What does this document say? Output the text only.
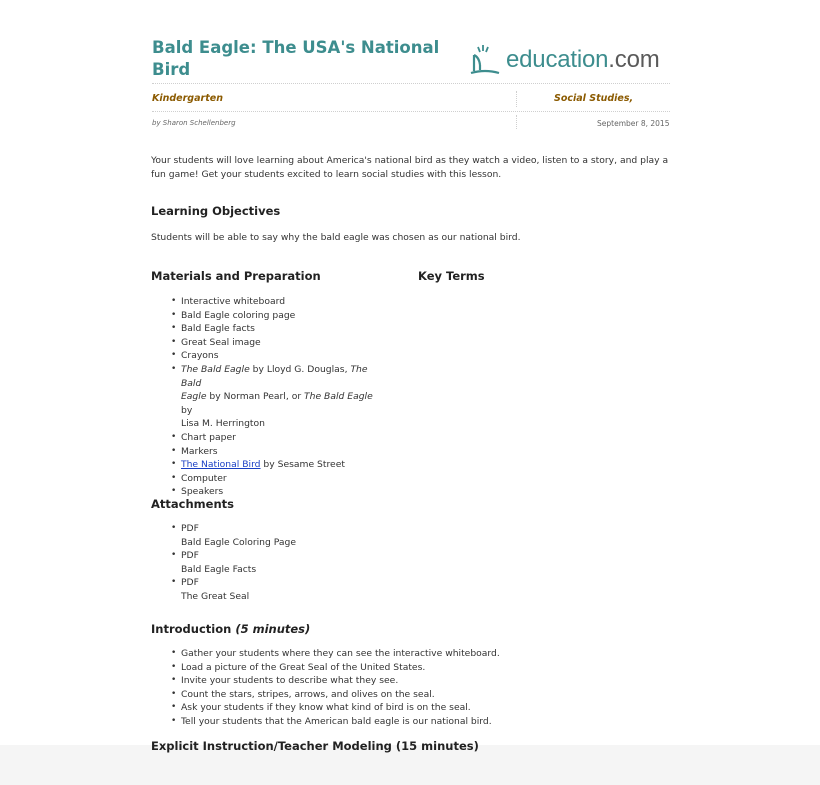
Bald Eagle: The USA's National Bird	education.com
Kindergarten	Social Studies,
by Sharon Schellenberg	September 8, 2015
Your students will love learning about America's national bird as they watch a video, listen to a story, and play a fun game! Get your students excited to learn social studies with this lesson.
Learning Objectives
Students will be able to say why the bald eagle was chosen as our national bird.
Materials and Preparation	Key Terms
• Interactive whiteboard
• Bald Eagle coloring page
• Bald Eagle facts
• Great Seal image
• Crayons
• The Bald Eagle by Lloyd G. Douglas, The Bald
Eagle by Norman Pearl, or The Bald Eagle by
Lisa M. Herrington
• Chart paper
• Markers
• The National Bird by Sesame Street
• Computer
• Speakers
Attachments
• PDF
Bald Eagle Coloring Page
• PDF
Bald Eagle Facts
• PDF
The Great Seal
Introduction (5 minutes)
• Gather your students where they can see the interactive whiteboard.
• Load a picture of the Great Seal of the United States.
• Invite your students to describe what they see.
• Count the stars, stripes, arrows, and olives on the seal.
• Ask your students if they know what kind of bird is on the seal.
• Tell your students that the American bald eagle is our national bird.
Explicit Instruction/Teacher Modeling (15 minutes)
